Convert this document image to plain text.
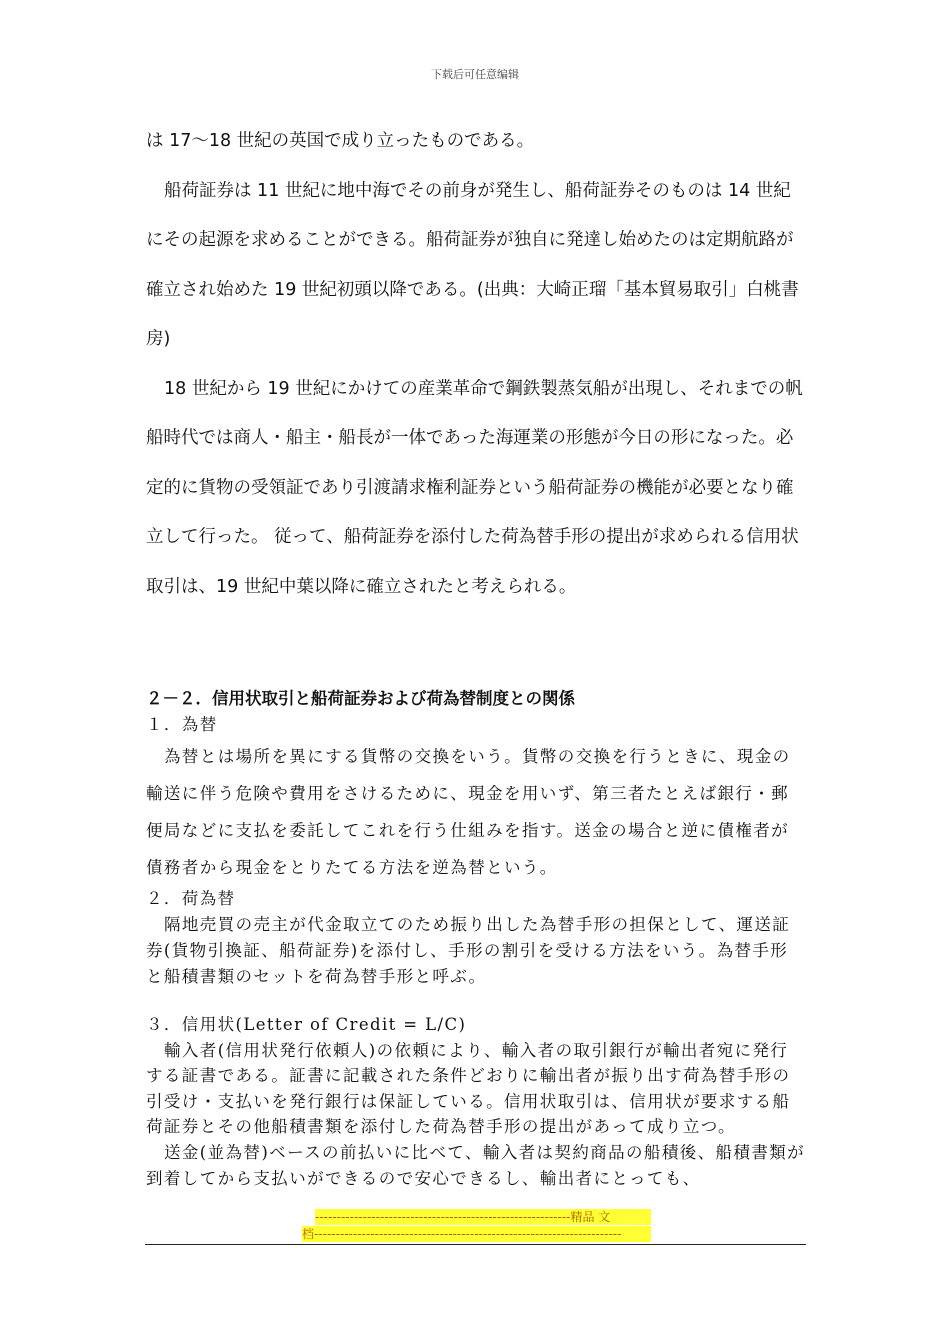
下载后可任意编辑

は 17～18 世紀の英国で成り立ったものである。

船荷証券は 11 世紀に地中海でその前身が発生し、船荷証券そのものは 14 世紀にその起源を求めることができる。船荷証券が独自に発達し始めたのは定期航路が確立され始めた 19 世紀初頭以降である。(出典：大崎正瑠「基本貿易取引」白桃書房)

18 世紀から 19 世紀にかけての産業革命で鋼鉄製蒸気船が出現し、それまでの帆船時代では商人・船主・船長が一体であった海運業の形態が今日の形になった。必定的に貨物の受領証であり引渡請求権利証券という船荷証券の機能が必要となり確立して行った。 従って、船荷証券を添付した荷為替手形の提出が求められる信用状取引は、19 世紀中葉以降に確立されたと考えられる。

２－２．信用状取引と船荷証券および荷為替制度との関係

１．為替

為替とは場所を異にする貨幣の交換をいう。貨幣の交換を行うときに、現金の輸送に伴う危険や費用をさけるために、現金を用いず、第三者たとえば銀行・郵便局などに支払を委託してこれを行う仕組みを指す。送金の場合と逆に債権者が債務者から現金をとりたてる方法を逆為替という。

２．荷為替

隔地売買の売主が代金取立てのため振り出した為替手形の担保として、運送証券(貨物引換証、船荷証券)を添付し、手形の割引を受ける方法をいう。為替手形と船積書類のセットを荷為替手形と呼ぶ。

３．信用状(Letter of Credit = L/C)

輸入者(信用状発行依頼人)の依頼により、輸入者の取引銀行が輸出者宛に発行する証書である。証書に記載された条件どおりに輸出者が振り出す荷為替手形の引受け・支払いを発行銀行は保証している。信用状取引は、信用状が要求する船荷証券とその他船積書類を添付した荷為替手形の提出があって成り立つ。

送金(並為替)ベースの前払いに比べて、輸入者は契約商品の船積後、船積書類が到着してから支払いができるので安心できるし、輸出者にとっても、

-----------------------------------------------------------精品 文
档-----------------------------------------------------------------------
